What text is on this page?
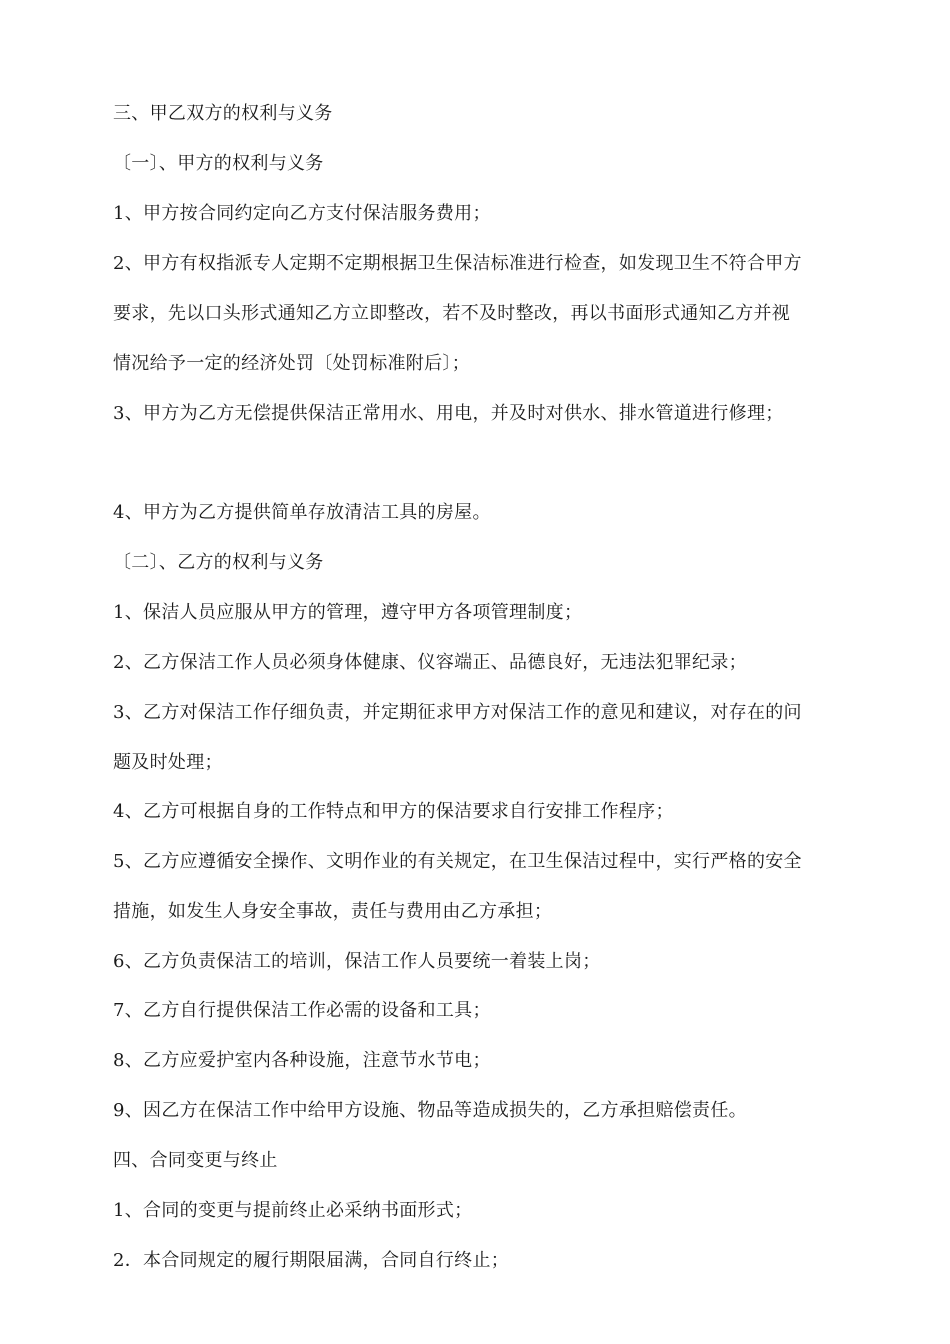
三、甲乙双方的权利与义务
〔一〕、甲方的权利与义务
1、甲方按合同约定向乙方支付保洁服务费用；
2、甲方有权指派专人定期不定期根据卫生保洁标准进行检查，如发现卫生不符合甲方
要求，先以口头形式通知乙方立即整改，若不及时整改，再以书面形式通知乙方并视
情况给予一定的经济处罚〔处罚标准附后〕；
3、甲方为乙方无偿提供保洁正常用水、用电，并及时对供水、排水管道进行修理；
4、甲方为乙方提供简单存放清洁工具的房屋。
〔二〕、乙方的权利与义务
1、保洁人员应服从甲方的管理，遵守甲方各项管理制度；
2、乙方保洁工作人员必须身体健康、仪容端正、品德良好，无违法犯罪纪录；
3、乙方对保洁工作仔细负责，并定期征求甲方对保洁工作的意见和建议，对存在的问
题及时处理；
4、乙方可根据自身的工作特点和甲方的保洁要求自行安排工作程序；
5、乙方应遵循安全操作、文明作业的有关规定，在卫生保洁过程中，实行严格的安全
措施，如发生人身安全事故，责任与费用由乙方承担；
6、乙方负责保洁工的培训，保洁工作人员要统一着装上岗；
7、乙方自行提供保洁工作必需的设备和工具；
8、乙方应爱护室内各种设施，注意节水节电；
9、因乙方在保洁工作中给甲方设施、物品等造成损失的，乙方承担赔偿责任。
四、合同变更与终止
1、合同的变更与提前终止必采纳书面形式；
2．本合同规定的履行期限届满，合同自行终止；
